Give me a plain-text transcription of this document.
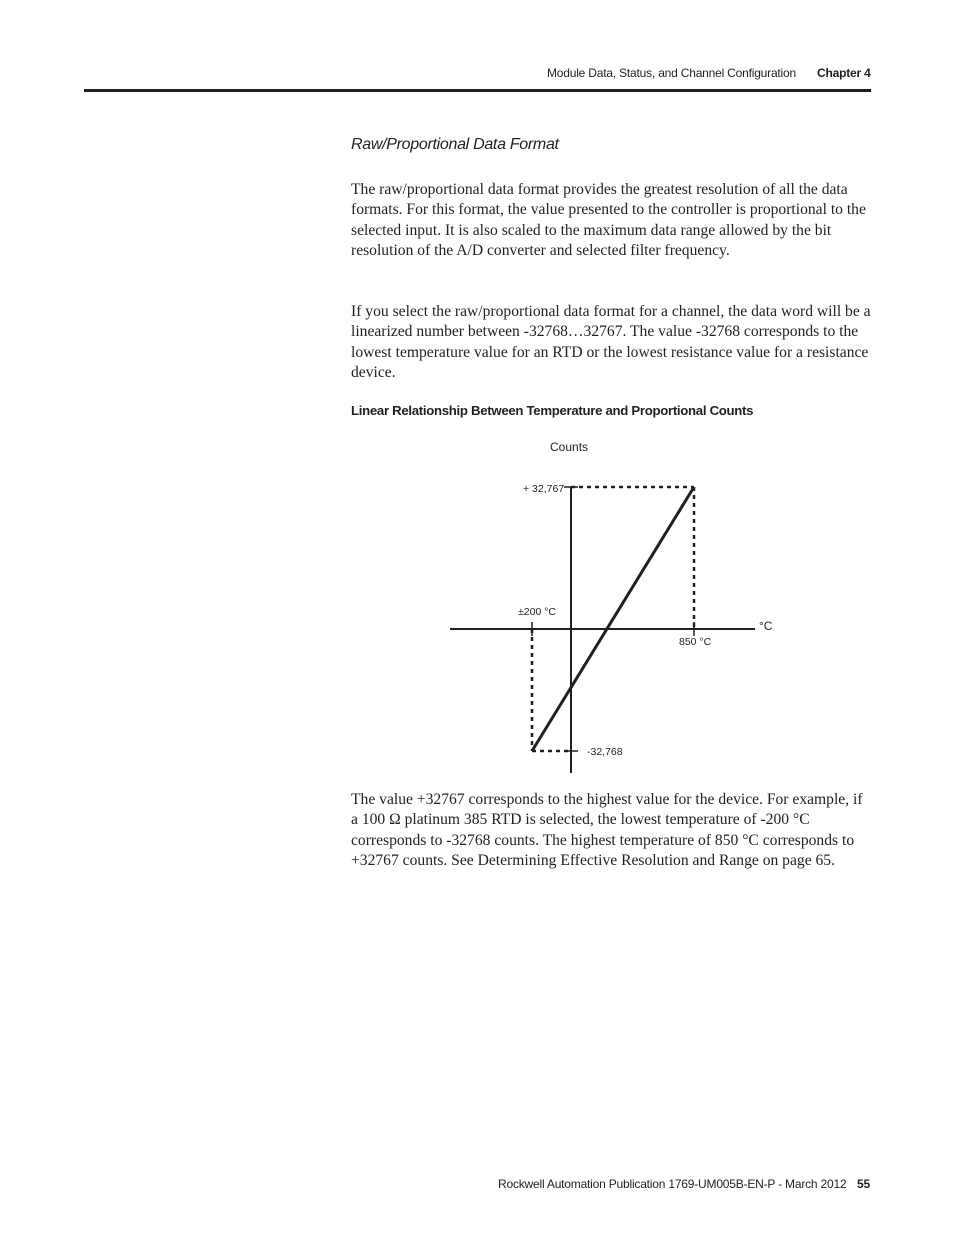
Module Data, Status, and Channel Configuration Chapter 4
Raw/Proportional Data Format

The raw/proportional data format provides the greatest resolution of all the data formats. For this format, the value presented to the controller is proportional to the selected input. It is also scaled to the maximum data range allowed by the bit resolution of the A/D converter and selected filter frequency.

If you select the raw/proportional data format for a channel, the data word will be a linearized number between -32768…32767. The value -32768 corresponds to the lowest temperature value for an RTD or the lowest resistance value for a resistance device.

Linear Relationship Between Temperature and Proportional Counts
Counts
°C
±200 °C
850 °C
+ 32,767
-32,768

The value +32767 corresponds to the highest value for the device. For example, if a 100 Ω platinum 385 RTD is selected, the lowest temperature of -200 °C corresponds to -32768 counts. The highest temperature of 850 °C corresponds to +32767 counts. See Determining Effective Resolution and Range on page 65.

Rockwell Automation Publication 1769-UM005B-EN-P - March 2012 55
